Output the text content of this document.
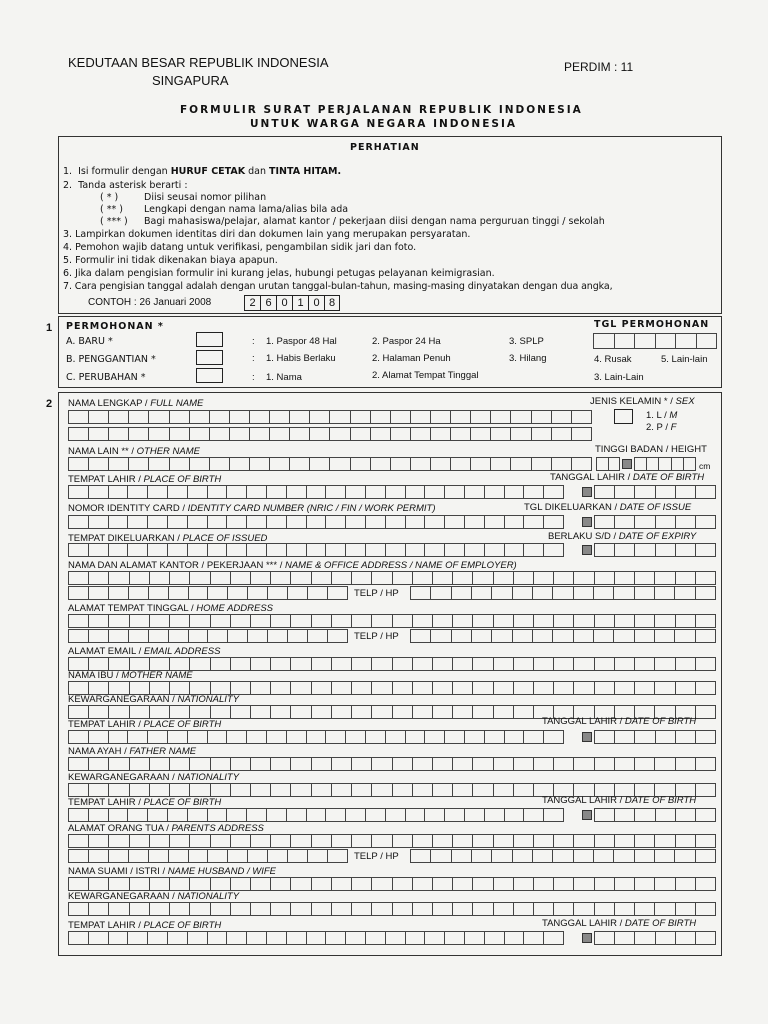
KEDUTAAN BESAR REPUBLIK INDONESIA
SINGAPURA
PERDIM : 11
FORMULIR SURAT PERJALANAN REPUBLIK INDONESIA
UNTUK WARGA NEGARA INDONESIA
PERHATIAN
1. Isi formulir dengan HURUF CETAK dan TINTA HITAM.
2. Tanda asterisk berarti :
( * )	Diisi seusai nomor pilihan
( ** ) Lengkapi dengan nama lama/alias bila ada
( *** ) Bagi mahasiswa/pelajar, alamat kantor / pekerjaan diisi dengan nama perguruan tinggi / sekolah
3. Lampirkan dokumen identitas diri dan dokumen lain yang merupakan persyaratan.
4. Pemohon wajib datang untuk verifikasi, pengambilan sidik jari dan foto.
5. Formulir ini tidak dikenakan biaya apapun.
6. Jika dalam pengisian formulir ini kurang jelas, hubungi petugas pelayanan keimigrasian.
7. Cara pengisian tanggal adalah dengan urutan tanggal-bulan-tahun, masing-masing dinyatakan dengan dua angka,
CONTOH : 26 Januari 2008	2 6 0 1 0 8
1 PERMOHONAN *	TGL PERMOHONAN
A. BARU *	: 1. Paspor 48 Hal	2. Paspor 24 Ha	3. SPLP
B. PENGGANTIAN *	: 1. Habis Berlaku	2. Halaman Penuh	3. Hilang	4. Rusak	5. Lain-lain
C. PERUBAHAN *	: 1. Nama	2. Alamat Tempat Tinggal	3. Lain-Lain
2 NAMA LENGKAP / FULL NAME	JENIS KELAMIN * / SEX
1. L / M
2. P / F
NAMA LAIN ** / OTHER NAME	TINGGI BADAN / HEIGHT
cm
TEMPAT LAHIR / PLACE OF BIRTH	TANGGAL LAHIR / DATE OF BIRTH
NOMOR IDENTITY CARD / IDENTITY CARD NUMBER (NRIC / FIN / WORK PERMIT)	TGL DIKELUARKAN / DATE OF ISSUE
TEMPAT DIKELUARKAN / PLACE OF ISSUED	BERLAKU S/D / DATE OF EXPIRY
NAMA DAN ALAMAT KANTOR / PEKERJAAN *** / NAME & OFFICE ADDRESS / NAME OF EMPLOYER)
TELP / HP
ALAMAT TEMPAT TINGGAL / HOME ADDRESS
TELP / HP
ALAMAT EMAIL / EMAIL ADDRESS
NAMA IBU / MOTHER NAME
KEWARGANEGARAAN / NATIONALITY
TEMPAT LAHIR / PLACE OF BIRTH	TANGGAL LAHIR / DATE OF BIRTH
NAMA AYAH / FATHER NAME
KEWARGANEGARAAN / NATIONALITY
TEMPAT LAHIR / PLACE OF BIRTH	TANGGAL LAHIR / DATE OF BIRTH
ALAMAT ORANG TUA / PARENTS ADDRESS
TELP / HP
NAMA SUAMI / ISTRI / NAME HUSBAND / WIFE
KEWARGANEGARAAN / NATIONALITY
TEMPAT LAHIR / PLACE OF BIRTH	TANGGAL LAHIR / DATE OF BIRTH
